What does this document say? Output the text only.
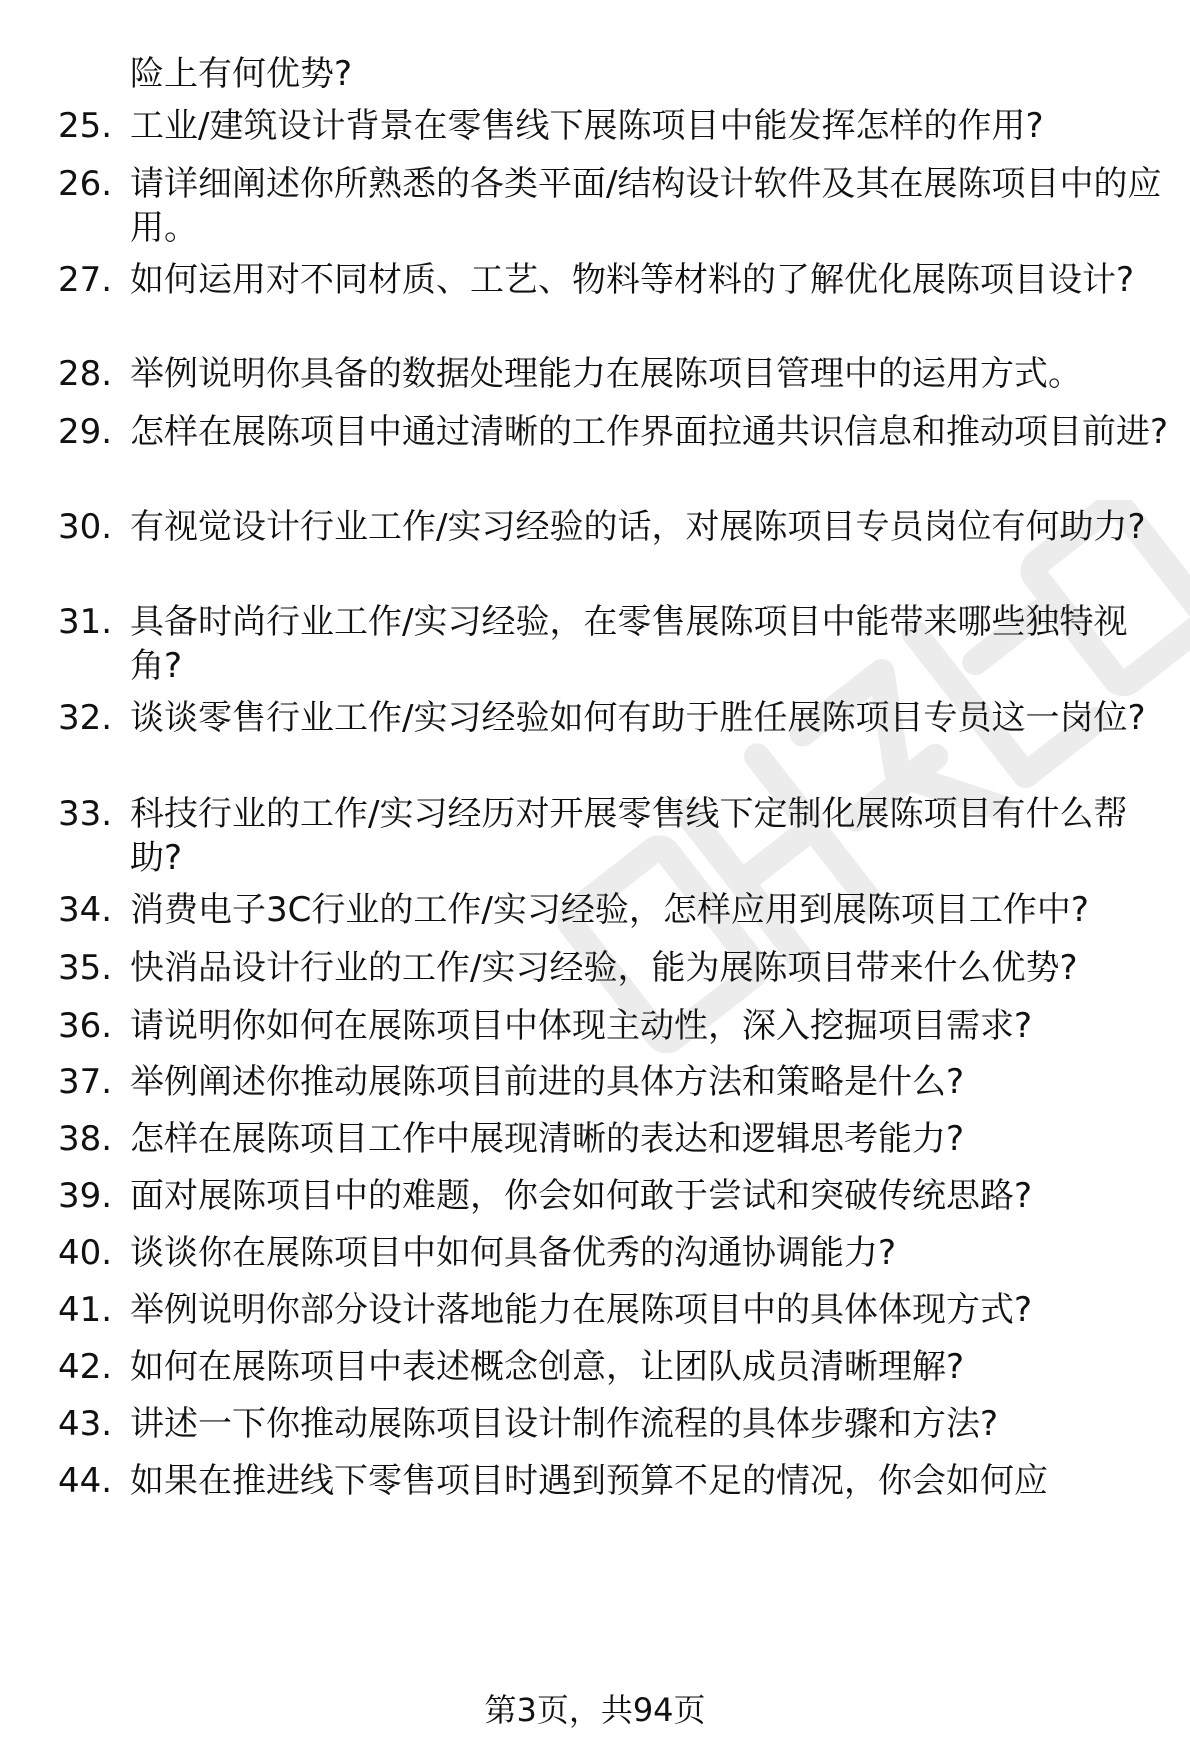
险上有何优势?
25. 工业/建筑设计背景在零售线下展陈项目中能发挥怎样的作用?
26. 请详细阐述你所熟悉的各类平面/结构设计软件及其在展陈项目中的应用。
27. 如何运用对不同材质、工艺、物料等材料的了解优化展陈项目设计?
28. 举例说明你具备的数据处理能力在展陈项目管理中的运用方式。
29. 怎样在展陈项目中通过清晰的工作界面拉通共识信息和推动项目前进?
30. 有视觉设计行业工作/实习经验的话，对展陈项目专员岗位有何助力?
31. 具备时尚行业工作/实习经验，在零售展陈项目中能带来哪些独特视角?
32. 谈谈零售行业工作/实习经验如何有助于胜任展陈项目专员这一岗位?
33. 科技行业的工作/实习经历对开展零售线下定制化展陈项目有什么帮助?
34. 消费电子3C行业的工作/实习经验，怎样应用到展陈项目工作中?
35. 快消品设计行业的工作/实习经验，能为展陈项目带来什么优势?
36. 请说明你如何在展陈项目中体现主动性，深入挖掘项目需求?
37. 举例阐述你推动展陈项目前进的具体方法和策略是什么?
38. 怎样在展陈项目工作中展现清晰的表达和逻辑思考能力?
39. 面对展陈项目中的难题，你会如何敢于尝试和突破传统思路?
40. 谈谈你在展陈项目中如何具备优秀的沟通协调能力?
41. 举例说明你部分设计落地能力在展陈项目中的具体体现方式?
42. 如何在展陈项目中表述概念创意，让团队成员清晰理解?
43. 讲述一下你推动展陈项目设计制作流程的具体步骤和方法?
44. 如果在推进线下零售项目时遇到预算不足的情况，你会如何应
第3页，共94页
